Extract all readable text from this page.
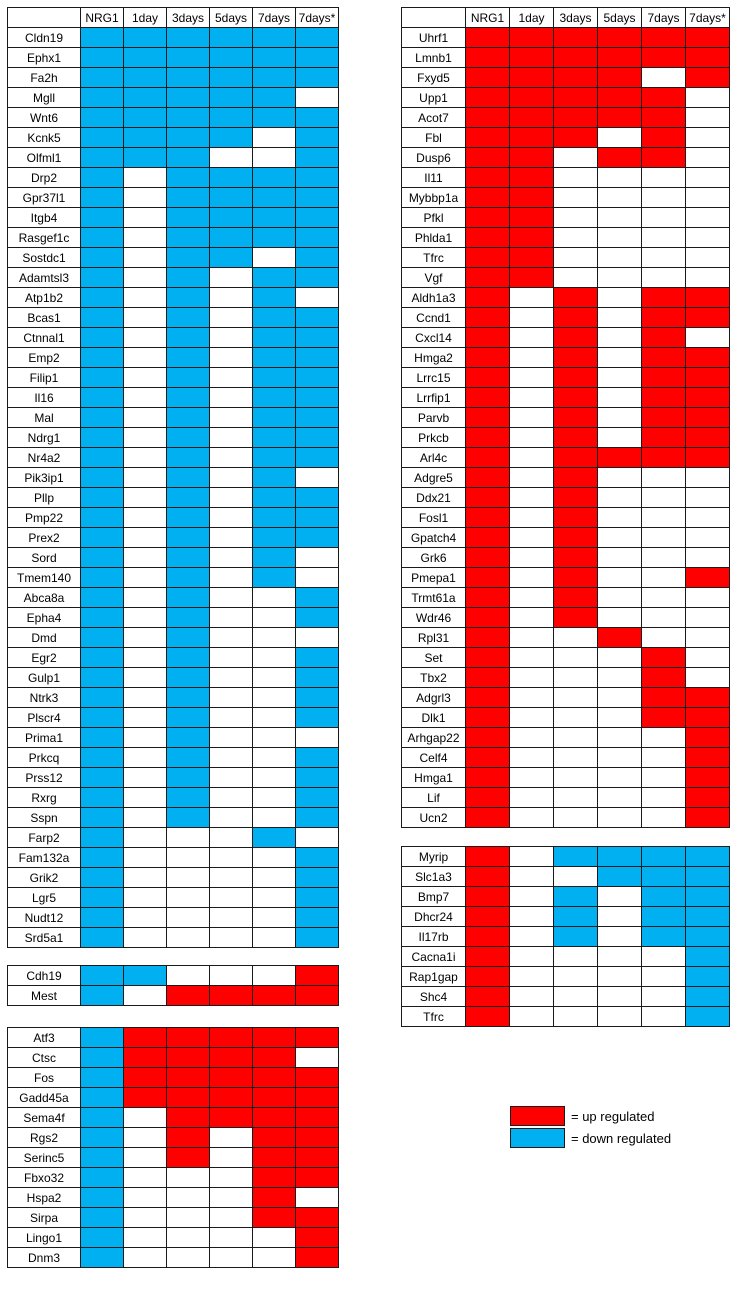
	NRG1	1day	3days	5days	7days	7days*
Cldn19						
Ephx1						
Fa2h						
Mgll						
Wnt6						
Kcnk5						
Olfml1						
Drp2						
Gpr37l1						
Itgb4						
Rasgef1c						
Sostdc1						
Adamtsl3						
Atp1b2						
Bcas1						
Ctnnal1						
Emp2						
Filip1						
Il16						
Mal						
Ndrg1						
Nr4a2						
Pik3ip1						
Pllp						
Pmp22						
Prex2						
Sord						
Tmem140						
Abca8a						
Epha4						
Dmd						
Egr2						
Gulp1						
Ntrk3						
Plscr4						
Prima1						
Prkcq						
Prss12						
Rxrg						
Sspn						
Farp2						
Fam132a						
Grik2						
Lgr5						
Nudt12						
Srd5a1						
Cdh19						
Mest						
Atf3						
Ctsc						
Fos						
Gadd45a						
Sema4f						
Rgs2						
Serinc5						
Fbxo32						
Hspa2						
Sirpa						
Lingo1						
Dnm3						
	NRG1	1day	3days	5days	7days	7days*
Uhrf1						
Lmnb1						
Fxyd5						
Upp1						
Acot7						
Fbl						
Dusp6						
Il11						
Mybbp1a						
Pfkl						
Phlda1						
Tfrc						
Vgf						
Aldh1a3						
Ccnd1						
Cxcl14						
Hmga2						
Lrrc15						
Lrrfip1						
Parvb						
Prkcb						
Arl4c						
Adgre5						
Ddx21						
Fosl1						
Gpatch4						
Grk6						
Pmepa1						
Trmt61a						
Wdr46						
Rpl31						
Set						
Tbx2						
Adgrl3						
Dlk1						
Arhgap22						
Celf4						
Hmga1						
Lif						
Ucn2						
Myrip						
Slc1a3						
Bmp7						
Dhcr24						
Il17rb						
Cacna1i						
Rap1gap						
Shc4						
Tfrc						
= up regulated
= down regulated
